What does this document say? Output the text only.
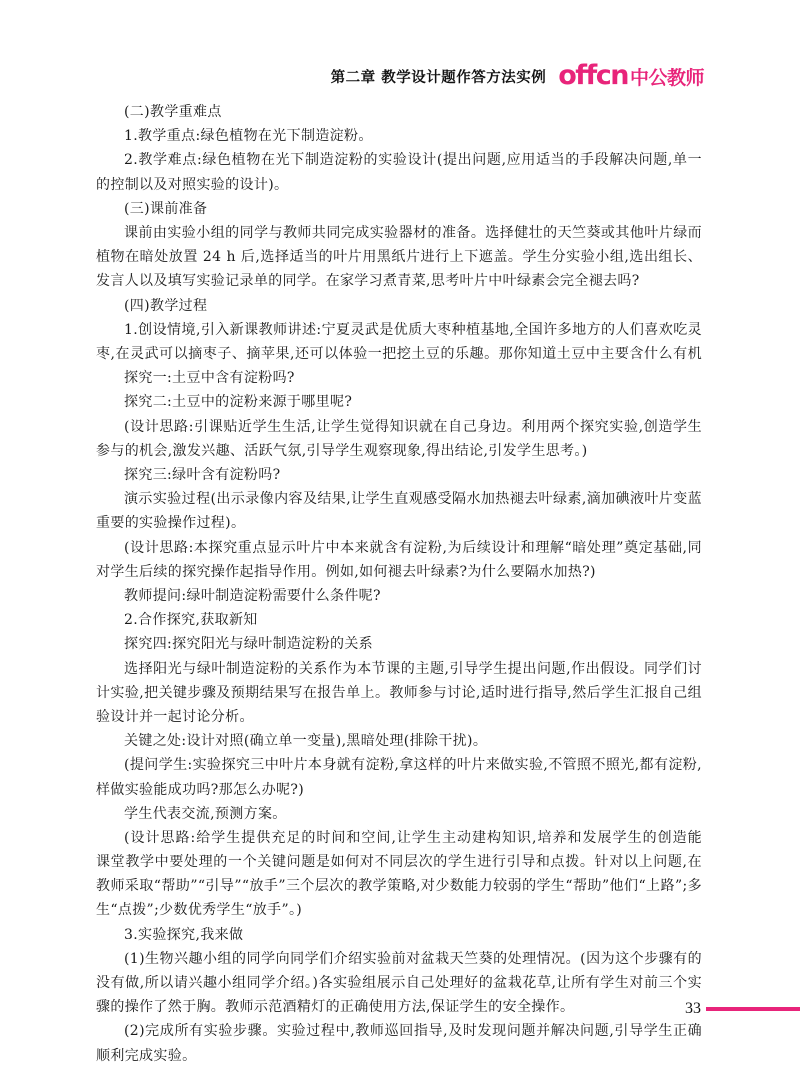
第二章 教学设计题作答方法实例 offcn 中公教师

(二)教学重难点

1.教学重点:绿色植物在光下制造淀粉。

2.教学难点:绿色植物在光下制造淀粉的实验设计(提出问题,应用适当的手段解决问题,单一

的控制以及对照实验的设计)。

(三)课前准备

课前由实验小组的同学与教师共同完成实验器材的准备。选择健壮的天竺葵或其他叶片绿而

植物在暗处放置 24 h 后,选择适当的叶片用黑纸片进行上下遮盖。学生分实验小组,选出组长、

发言人以及填写实验记录单的同学。在家学习煮青菜,思考叶片中叶绿素会完全褪去吗?

(四)教学过程

1.创设情境,引入新课教师讲述:宁夏灵武是优质大枣种植基地,全国许多地方的人们喜欢吃灵

枣,在灵武可以摘枣子、摘苹果,还可以体验一把挖土豆的乐趣。那你知道土豆中主要含什么有机

探究一:土豆中含有淀粉吗?

探究二:土豆中的淀粉来源于哪里呢?

(设计思路:引课贴近学生生活,让学生觉得知识就在自己身边。利用两个探究实验,创造学生

参与的机会,激发兴趣、活跃气氛,引导学生观察现象,得出结论,引发学生思考。)

探究三:绿叶含有淀粉吗?

演示实验过程(出示录像内容及结果,让学生直观感受隔水加热褪去叶绿素,滴加碘液叶片变蓝

重要的实验操作过程)。

(设计思路:本探究重点显示叶片中本来就含有淀粉,为后续设计和理解“暗处理”奠定基础,同

对学生后续的探究操作起指导作用。例如,如何褪去叶绿素?为什么要隔水加热?)

教师提问:绿叶制造淀粉需要什么条件呢?

2.合作探究,获取新知

探究四:探究阳光与绿叶制造淀粉的关系

选择阳光与绿叶制造淀粉的关系作为本节课的主题,引导学生提出问题,作出假设。同学们讨

计实验,把关键步骤及预期结果写在报告单上。教师参与讨论,适时进行指导,然后学生汇报自己组

验设计并一起讨论分析。

关键之处:设计对照(确立单一变量),黑暗处理(排除干扰)。

(提问学生:实验探究三中叶片本身就有淀粉,拿这样的叶片来做实验,不管照不照光,都有淀粉,

样做实验能成功吗?那怎么办呢?)

学生代表交流,预测方案。

(设计思路:给学生提供充足的时间和空间,让学生主动建构知识,培养和发展学生的创造能

课堂教学中要处理的一个关键问题是如何对不同层次的学生进行引导和点拨。针对以上问题,在

教师采取“帮助”“引导”“放手”三个层次的教学策略,对少数能力较弱的学生“帮助”他们“上路”;多

生“点拨”;少数优秀学生“放手”。)

3.实验探究,我来做

(1)生物兴趣小组的同学向同学们介绍实验前对盆栽天竺葵的处理情况。(因为这个步骤有的

没有做,所以请兴趣小组同学介绍。)各实验组展示自己处理好的盆栽花草,让所有学生对前三个实

骤的操作了然于胸。教师示范酒精灯的正确使用方法,保证学生的安全操作。

(2)完成所有实验步骤。实验过程中,教师巡回指导,及时发现问题并解决问题,引导学生正确

顺利完成实验。

33
